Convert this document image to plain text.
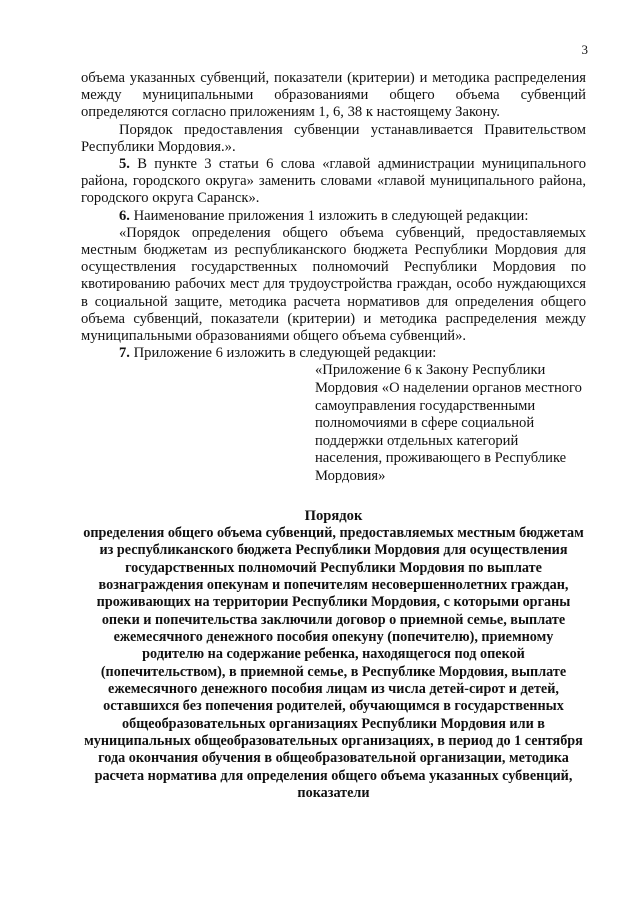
3

объема указанных субвенций, показатели (критерии) и методика распределения между муниципальными образованиями общего объема субвенций определяются согласно приложениям 1, 6, 38 к настоящему Закону.

Порядок предоставления субвенции устанавливается Правительством Республики Мордовия.».

5. В пункте 3 статьи 6 слова «главой администрации муниципального района, городского округа» заменить словами «главой муниципального района, городского округа Саранск».

6. Наименование приложения 1 изложить в следующей редакции:

«Порядок определения общего объема субвенций, предоставляемых местным бюджетам из республиканского бюджета Республики Мордовия для осуществления государственных полномочий Республики Мордовия по квотированию рабочих мест для трудоустройства граждан, особо нуждающихся в социальной защите, методика расчета нормативов для определения общего объема субвенций, показатели (критерии) и методика распределения между муниципальными образованиями общего объема субвенций».

7. Приложение 6 изложить в следующей редакции:

«Приложение 6 к Закону Республики Мордовия «О наделении органов местного самоуправления государственными полномочиями в сфере социальной поддержки отдельных категорий населения, проживающего в Республике Мордовия»

Порядок
определения общего объема субвенций, предоставляемых местным бюджетам из республиканского бюджета Республики Мордовия для осуществления государственных полномочий Республики Мордовия по выплате вознаграждения опекунам и попечителям несовершеннолетних граждан, проживающих на территории Республики Мордовия, с которыми органы опеки и попечительства заключили договор о приемной семье, выплате ежемесячного денежного пособия опекуну (попечителю), приемному родителю на содержание ребенка, находящегося под опекой (попечительством), в приемной семье, в Республике Мордовия, выплате ежемесячного денежного пособия лицам из числа детей-сирот и детей, оставшихся без попечения родителей, обучающимся в государственных общеобразовательных организациях Республики Мордовия или в муниципальных общеобразовательных организациях, в период до 1 сентября года окончания обучения в общеобразовательной организации, методика расчета норматива для определения общего объема указанных субвенций, показатели
